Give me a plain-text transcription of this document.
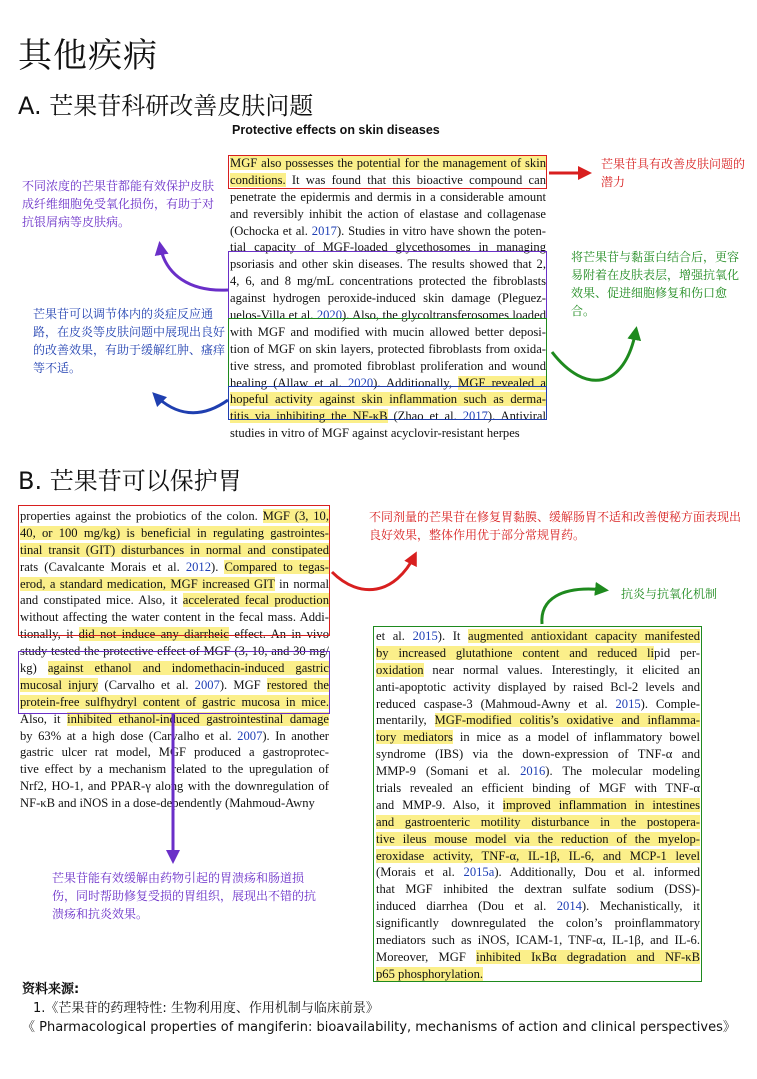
其他疾病
A. 芒果苷科研改善皮肤问题
B. 芒果苷可以保护胃
Protective effects on skin diseases
MGF also possesses the potential for the management of skin
conditions. It was found that this bioactive compound can
penetrate the epidermis and dermis in a considerable amount
and reversibly inhibit the action of elastase and collagenase
(Ochocka et al. 2017). Studies in vitro have shown the poten-
tial capacity of MGF-loaded glycethosomes in managing
psoriasis and other skin diseases. The results showed that 2,
4, 6, and 8 mg/mL concentrations protected the fibroblasts
against hydrogen peroxide-induced skin damage (Pleguez-
uelos-Villa et al. 2020). Also, the glycoltransferosomes loaded
with MGF and modified with mucin allowed better deposi-
tion of MGF on skin layers, protected fibroblasts from oxida-
tive stress, and promoted fibroblast proliferation and wound
healing (Allaw et al. 2020). Additionally, MGF revealed a
hopeful activity against skin inflammation such as derma-
titis via inhibiting the NF-κB (Zhao et al. 2017). Antiviral
studies in vitro of MGF against acyclovir-resistant herpes
芒果苷具有改善皮肤问题的潜力
不同浓度的芒果苷都能有效保护皮肤成纤维细胞免受氧化损伤，有助于对抗银屑病等皮肤病。
将芒果苷与黏蛋白结合后，更容易附着在皮肤表层，增强抗氧化效果、促进细胞修复和伤口愈合。
芒果苷可以调节体内的炎症反应通路，在皮炎等皮肤问题中展现出良好的改善效果，有助于缓解红肿、瘙痒等不适。
properties against the probiotics of the colon. MGF (3, 10,
40, or 100 mg/kg) is beneficial in regulating gastrointes-
tinal transit (GIT) disturbances in normal and constipated
rats (Cavalcante Morais et al. 2012). Compared to tegas-
erod, a standard medication, MGF increased GIT in normal
and constipated mice. Also, it accelerated fecal production
without affecting the water content in the fecal mass. Addi-
tionally, it did not induce any diarrheic effect. An in vivo
study tested the protective effect of MGF (3, 10, and 30 mg/
kg) against ethanol and indomethacin-induced gastric
mucosal injury (Carvalho et al. 2007). MGF restored the
protein-free sulfhydryl content of gastric mucosa in mice.
Also, it inhibited ethanol-induced gastrointestinal damage
by 63% at a high dose (Carvalho et al. 2007). In another
gastric ulcer rat model, MGF produced a gastroprotec-
tive effect by a mechanism related to the upregulation of
Nrf2, HO-1, and PPAR-γ along with the downregulation of
NF-κB and iNOS in a dose-dependently (Mahmoud-Awny
et al. 2015). It augmented antioxidant capacity manifested
by increased glutathione content and reduced lipid per-
oxidation near normal values. Interestingly, it elicited an
anti-apoptotic activity displayed by raised Bcl-2 levels and
reduced caspase-3 (Mahmoud-Awny et al. 2015). Comple-
mentarily, MGF-modified colitis’s oxidative and inflamma-
tory mediators in mice as a model of inflammatory bowel
syndrome (IBS) via the down-expression of TNF-α and
MMP-9 (Somani et al. 2016). The molecular modeling
trials revealed an efficient binding of MGF with TNF-α
and MMP-9. Also, it improved inflammation in intestines
and gastroenteric motility disturbance in the postopera-
tive ileus mouse model via the reduction of the myelop-
eroxidase activity, TNF-α, IL-1β, IL-6, and MCP-1 level
(Morais et al. 2015a). Additionally, Dou et al. informed
that MGF inhibited the dextran sulfate sodium (DSS)-
induced diarrhea (Dou et al. 2014). Mechanistically, it
significantly downregulated the colon’s proinflammatory
mediators such as iNOS, ICAM-1, TNF-α, IL-1β, and IL-6.
Moreover, MGF inhibited IκBα degradation and NF-κB
p65 phosphorylation.
不同剂量的芒果苷在修复胃黏膜、缓解肠胃不适和改善便秘方面表现出良好效果，整体作用优于部分常规胃药。
抗炎与抗氧化机制
芒果苷能有效缓解由药物引起的胃溃疡和肠道损伤，同时帮助修复受损的胃组织，展现出不错的抗溃疡和抗炎效果。
资料来源:
1.《芒果苷的药理特性: 生物利用度、作用机制与临床前景》
《 Pharmacological properties of mangiferin: bioavailability, mechanisms of action and clinical perspectives》
